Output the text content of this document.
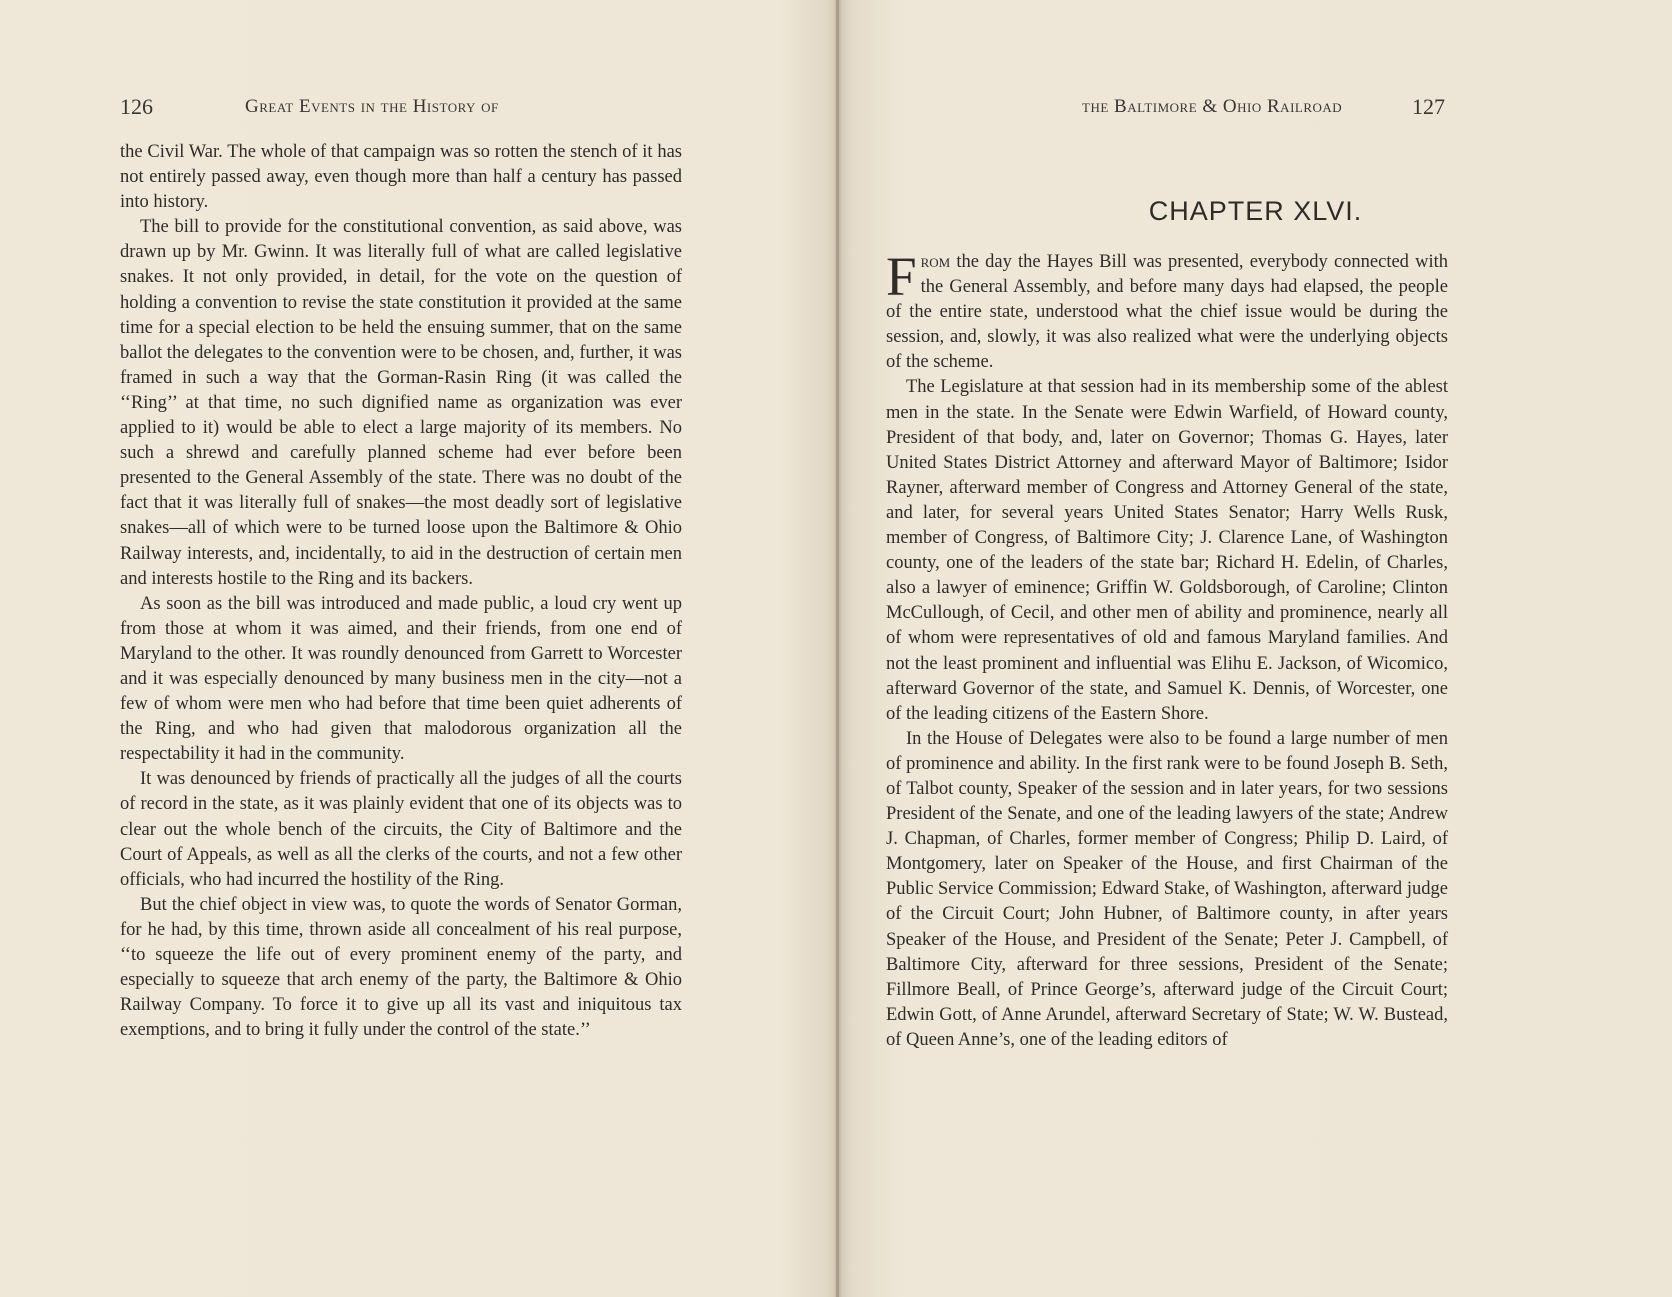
126	Great Events in the History of

the Civil War. The whole of that campaign was so rotten the stench of it has not entirely passed away, even though more than half a century has passed into history.

The bill to provide for the constitutional convention, as said above, was drawn up by Mr. Gwinn. It was literally full of what are called legislative snakes. It not only provided, in detail, for the vote on the question of holding a convention to revise the state constitution it provided at the same time for a special election to be held the ensuing summer, that on the same ballot the delegates to the convention were to be chosen, and, further, it was framed in such a way that the Gorman-Rasin Ring (it was called the ‘‘Ring’’ at that time, no such dignified name as organization was ever applied to it) would be able to elect a large majority of its members. No such a shrewd and carefully planned scheme had ever before been presented to the General Assembly of the state. There was no doubt of the fact that it was literally full of snakes—the most deadly sort of legislative snakes—all of which were to be turned loose upon the Baltimore & Ohio Railway interests, and, incidentally, to aid in the destruction of certain men and interests hostile to the Ring and its backers.

As soon as the bill was introduced and made public, a loud cry went up from those at whom it was aimed, and their friends, from one end of Maryland to the other. It was roundly denounced from Garrett to Worcester and it was especially denounced by many business men in the city—not a few of whom were men who had before that time been quiet adherents of the Ring, and who had given that malodorous organization all the respectability it had in the community.

It was denounced by friends of practically all the judges of all the courts of record in the state, as it was plainly evident that one of its objects was to clear out the whole bench of the circuits, the City of Baltimore and the Court of Appeals, as well as all the clerks of the courts, and not a few other officials, who had incurred the hostility of the Ring.

But the chief object in view was, to quote the words of Senator Gorman, for he had, by this time, thrown aside all concealment of his real purpose, ‘‘to squeeze the life out of every prominent enemy of the party, and especially to squeeze that arch enemy of the party, the Baltimore & Ohio Railway Company. To force it to give up all its vast and iniquitous tax exemptions, and to bring it fully under the control of the state.’’

the Baltimore & Ohio Railroad	127
CHAPTER XLVI.

From the day the Hayes Bill was presented, everybody connected with the General Assembly, and before many days had elapsed, the people of the entire state, understood what the chief issue would be during the session, and, slowly, it was also realized what were the underlying objects of the scheme.

The Legislature at that session had in its membership some of the ablest men in the state. In the Senate were Edwin Warfield, of Howard county, President of that body, and, later on Governor; Thomas G. Hayes, later United States District Attorney and afterward Mayor of Baltimore; Isidor Rayner, afterward member of Congress and Attorney General of the state, and later, for several years United States Senator; Harry Wells Rusk, member of Congress, of Baltimore City; J. Clarence Lane, of Washington county, one of the leaders of the state bar; Richard H. Edelin, of Charles, also a lawyer of eminence; Griffin W. Goldsborough, of Caroline; Clinton McCullough, of Cecil, and other men of ability and prominence, nearly all of whom were representatives of old and famous Maryland families. And not the least prominent and influential was Elihu E. Jackson, of Wicomico, afterward Governor of the state, and Samuel K. Dennis, of Worcester, one of the leading citizens of the Eastern Shore.

In the House of Delegates were also to be found a large number of men of prominence and ability. In the first rank were to be found Joseph B. Seth, of Talbot county, Speaker of the session and in later years, for two sessions President of the Senate, and one of the leading lawyers of the state; Andrew J. Chapman, of Charles, former member of Congress; Philip D. Laird, of Montgomery, later on Speaker of the House, and first Chairman of the Public Service Commission; Edward Stake, of Washington, afterward judge of the Circuit Court; John Hubner, of Baltimore county, in after years Speaker of the House, and President of the Senate; Peter J. Campbell, of Baltimore City, afterward for three sessions, President of the Senate; Fillmore Beall, of Prince George’s, afterward judge of the Circuit Court; Edwin Gott, of Anne Arundel, afterward Secretary of State; W. W. Bustead, of Queen Anne’s, one of the leading editors of
